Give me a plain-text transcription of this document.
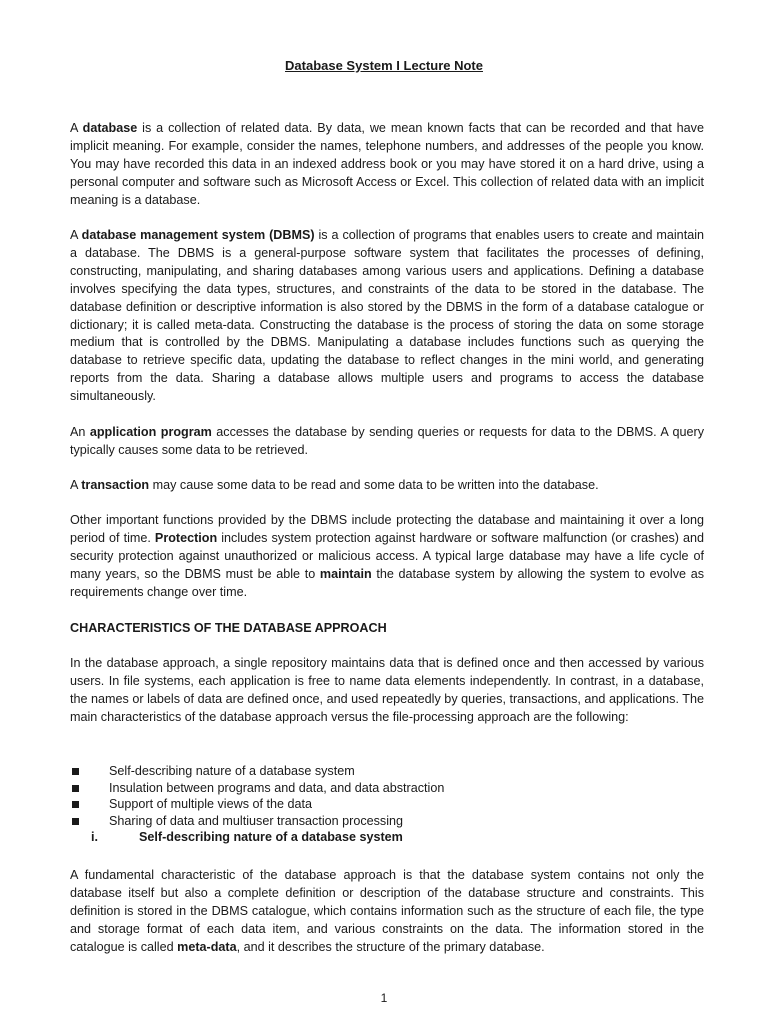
Database System I Lecture Note

A database is a collection of related data. By data, we mean known facts that can be recorded and that have implicit meaning. For example, consider the names, telephone numbers, and addresses of the people you know. You may have recorded this data in an indexed address book or you may have stored it on a hard drive, using a personal computer and software such as Microsoft Access or Excel. This collection of related data with an implicit meaning is a database.

A database management system (DBMS) is a collection of programs that enables users to create and maintain a database. The DBMS is a general-purpose software system that facilitates the processes of defining, constructing, manipulating, and sharing databases among various users and applications. Defining a database involves specifying the data types, structures, and constraints of the data to be stored in the database. The database definition or descriptive information is also stored by the DBMS in the form of a database catalogue or dictionary; it is called meta-data. Constructing the database is the process of storing the data on some storage medium that is controlled by the DBMS. Manipulating a database includes functions such as querying the database to retrieve specific data, updating the database to reflect changes in the mini world, and generating reports from the data. Sharing a database allows multiple users and programs to access the database simultaneously.

An application program accesses the database by sending queries or requests for data to the DBMS. A query typically causes some data to be retrieved.

A transaction may cause some data to be read and some data to be written into the database.

Other important functions provided by the DBMS include protecting the database and maintaining it over a long period of time. Protection includes system protection against hardware or software malfunction (or crashes) and security protection against unauthorized or malicious access. A typical large database may have a life cycle of many years, so the DBMS must be able to maintain the database system by allowing the system to evolve as requirements change over time.

CHARACTERISTICS OF THE DATABASE APPROACH

In the database approach, a single repository maintains data that is defined once and then accessed by various users. In file systems, each application is free to name data elements independently. In contrast, in a database, the names or labels of data are defined once, and used repeatedly by queries, transactions, and applications. The main characteristics of the database approach versus the file-processing approach are the following:

Self-describing nature of a database system
Insulation between programs and data, and data abstraction
Support of multiple views of the data
Sharing of data and multiuser transaction processing
i.	Self-describing nature of a database system

A fundamental characteristic of the database approach is that the database system contains not only the database itself but also a complete definition or description of the database structure and constraints. This definition is stored in the DBMS catalogue, which contains information such as the structure of each file, the type and storage format of each data item, and various constraints on the data. The information stored in the catalogue is called meta-data, and it describes the structure of the primary database.

1
